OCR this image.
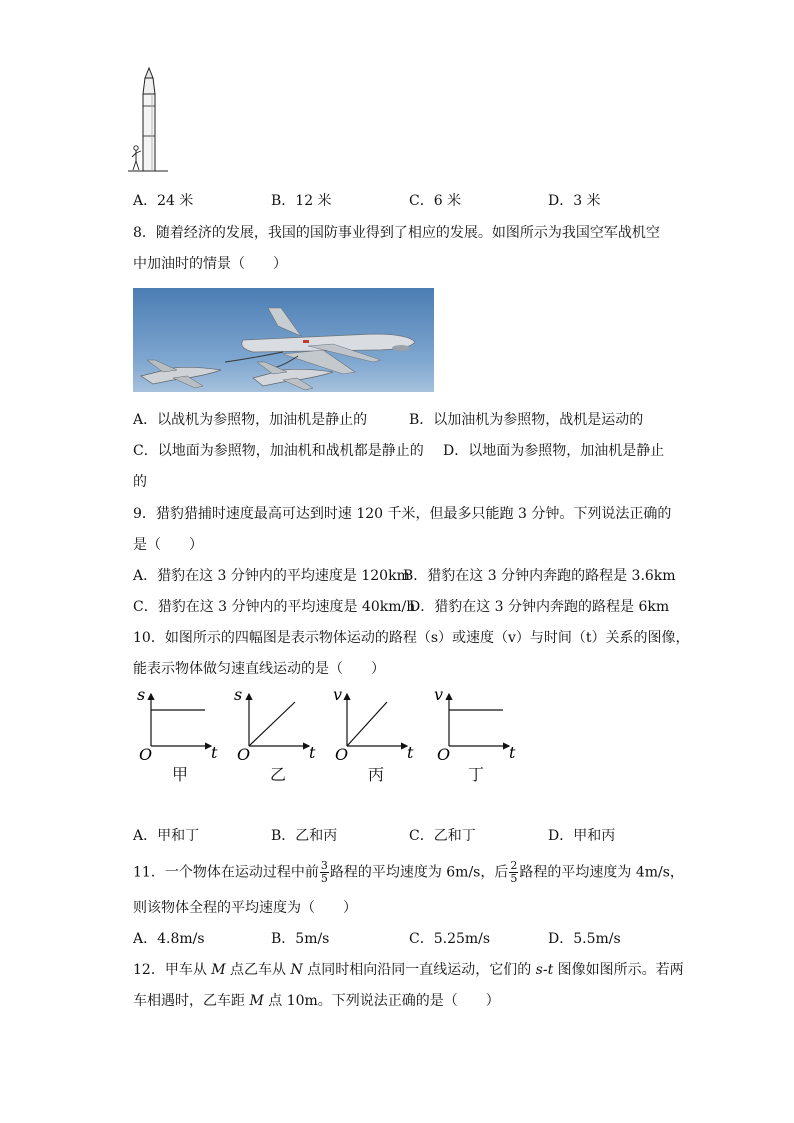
A．24 米	B．12 米	C．6 米	D．3 米
8．随着经济的发展，我国的国防事业得到了相应的发展。如图所示为我国空军战机空
中加油时的情景（　　）
A．以战机为参照物，加油机是静止的	B．以加油机为参照物，战机是运动的
C．以地面为参照物，加油机和战机都是静止的 D．以地面为参照物，加油机是静止
的
9．猎豹猎捕时速度最高可达到时速 120 千米，但最多只能跑 3 分钟。下列说法正确的
是（　　）
A．猎豹在这 3 分钟内的平均速度是 120km
B．猎豹在这 3 分钟内奔跑的路程是 3.6km
C．猎豹在这 3 分钟内的平均速度是 40km/h
D．猎豹在这 3 分钟内奔跑的路程是 6km
10．如图所示的四幅图是表示物体运动的路程（s）或速度（v）与时间（t）关系的图像，
能表示物体做匀速直线运动的是（　　）
s
t
O
s
t
O
v
t
O
v
t
O
甲	乙	丙	丁
A．甲和丁	B．乙和丙	C．乙和丁	D．甲和丙
11．一个物体在运动过程中前 $\frac{3}{5}$ 路程的平均速度为 6m/s，后 $\frac{2}{5}$ 路程的平均速度为 4m/s，
则该物体全程的平均速度为（　　）
A．4.8m/s	B．5m/s	C．5.25m/s	D．5.5m/s
12．甲车从 M 点乙车从 N 点同时相向沿同一直线运动，它们的 s-t 图像如图所示。若两
车相遇时，乙车距 M 点 10m。下列说法正确的是（　　）
